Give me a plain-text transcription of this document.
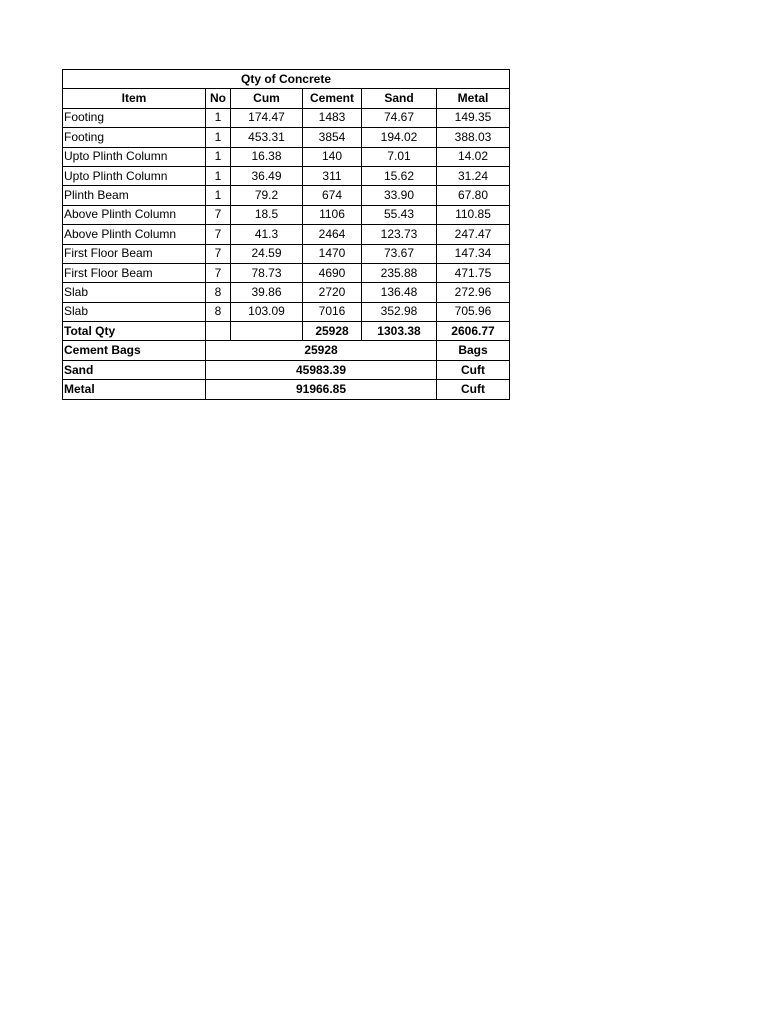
Qty of Concrete					
Item	No	Cum	Cement	Sand	Metal
Footing	1	174.47	1483	74.67	149.35
Footing	1	453.31	3854	194.02	388.03
Upto Plinth Column	1	16.38	140	7.01	14.02
Upto Plinth Column	1	36.49	311	15.62	31.24
Plinth Beam	1	79.2	674	33.90	67.80
Above Plinth Column	7	18.5	1106	55.43	110.85
Above Plinth Column	7	41.3	2464	123.73	247.47
First Floor Beam	7	24.59	1470	73.67	147.34
First Floor Beam	7	78.73	4690	235.88	471.75
Slab	8	39.86	2720	136.48	272.96
Slab	8	103.09	7016	352.98	705.96
Total Qty			25928	1303.38	2606.77
Cement Bags	25928				Bags
Sand	45983.39				Cuft
Metal	91966.85				Cuft
